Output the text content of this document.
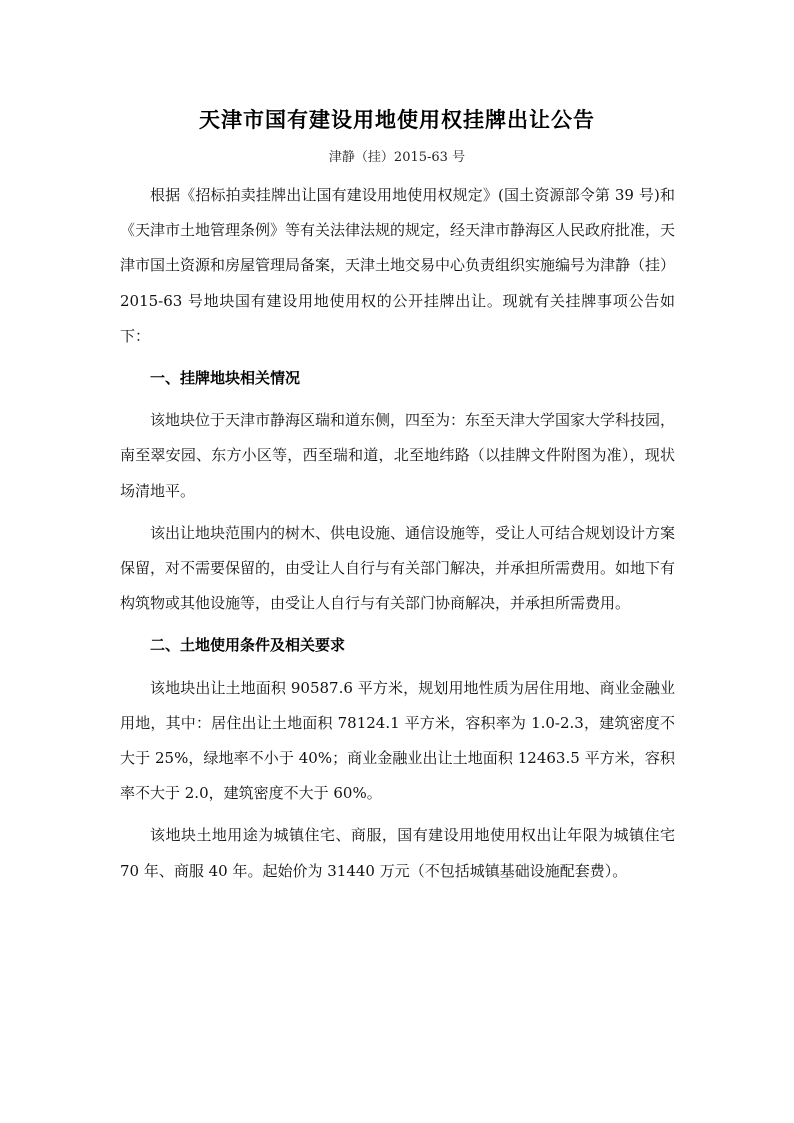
天津市国有建设用地使用权挂牌出让公告
津静（挂）2015-63 号

根据《招标拍卖挂牌出让国有建设用地使用权规定》(国土资源部令第 39 号)和《天津市土地管理条例》等有关法律法规的规定，经天津市静海区人民政府批准，天津市国土资源和房屋管理局备案，天津土地交易中心负责组织实施编号为津静（挂）2015-63 号地块国有建设用地使用权的公开挂牌出让。现就有关挂牌事项公告如下：

一、挂牌地块相关情况

该地块位于天津市静海区瑞和道东侧，四至为：东至天津大学国家大学科技园，南至翠安园、东方小区等，西至瑞和道，北至地纬路（以挂牌文件附图为准），现状场清地平。

该出让地块范围内的树木、供电设施、通信设施等，受让人可结合规划设计方案保留，对不需要保留的，由受让人自行与有关部门解决，并承担所需费用。如地下有构筑物或其他设施等，由受让人自行与有关部门协商解决，并承担所需费用。

二、土地使用条件及相关要求

该地块出让土地面积 90587.6 平方米，规划用地性质为居住用地、商业金融业用地，其中：居住出让土地面积 78124.1 平方米，容积率为 1.0-2.3，建筑密度不大于 25%，绿地率不小于 40%；商业金融业出让土地面积 12463.5 平方米，容积率不大于 2.0，建筑密度不大于 60%。

该地块土地用途为城镇住宅、商服，国有建设用地使用权出让年限为城镇住宅 70 年、商服 40 年。起始价为 31440 万元（不包括城镇基础设施配套费）。
